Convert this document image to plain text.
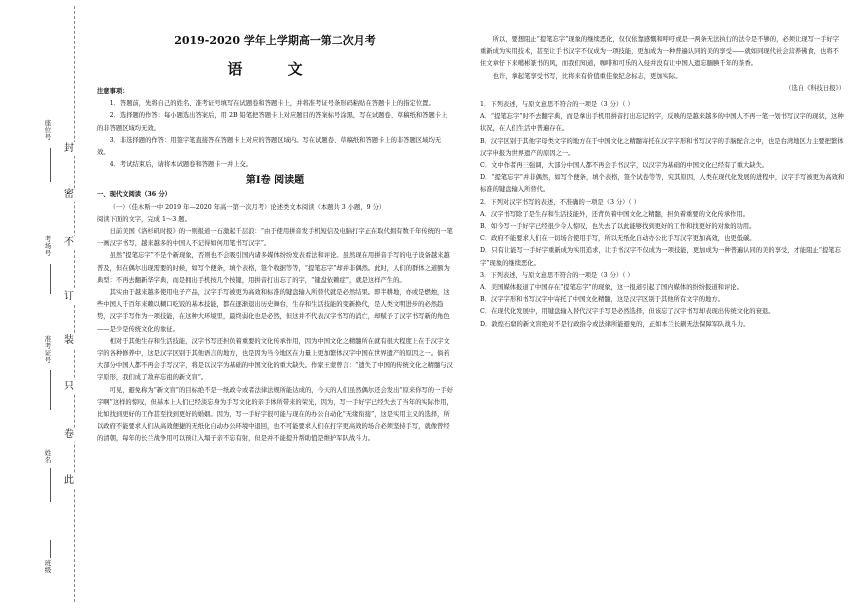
封
密
不
订
装
只
卷
此
座位号
考场号
准考证号
姓名
班级
2019-2020 学年上学期高一第二次月考
语 文

注意事项：

1．答题前，先将自己的姓名、准考证号填写在试题卷和答题卡上，并将准考证号条形码粘贴在答题卡上的指定位置。

2．选择题的作答：每小题选出答案后，用 2B 铅笔把答题卡上对应题目的答案标号涂黑，写在试题卷、草稿纸和答题卡上的非答题区域均无效。

3．非选择题的作答：用签字笔直接答在答题卡上对应的答题区域内。写在试题卷、草稿纸和答题卡上的非答题区域均无效。

4．考试结束后，请将本试题卷和答题卡一并上交。

第Ⅰ卷 阅读题

一、现代文阅读（36 分）

（一）（佳木斯一中 2019 年—2020 年高一第一次月考）论述类文本阅读（本题共 3 小题，9 分）

阅读下面的文字，完成 1～3 题。

日前美国《洛杉矶时报》的一则报道一石激起千层浪：“由于使用拼音发手机短信及电脑打字正在取代拥有数千年传统的一笔一画汉字书写，越来越多的中国人不记得如何用笔书写汉字”。

虽然“提笔忘字”不是个新现象，否则也不会吸引国内诸多媒体纷纷发表看法和评论。虽然现在用拼音手写的电子设备越来越普及，但在偶尔出现需要的时候，如写个便条，填个表格，签个收据等等，“提笔忘字”却并非偶然。此时，人们的群体之道额为典型：不再去翻新华字典，而是拥出手机按几个按键，用拼音打出忘了的字，“键盘依赖症”，就是这样产生的。

其实由于越来越多使用电子产品，汉字手写被更为高效和标准的键盘输入所替代就是必然结果。即半耕地，亦或是燃烛，这些中国人千百年来赖以糊口吃饭的基本技能，都在逐渐退出历史舞台，生存和生活技能的变新换代，是人类文明进步的必然趋势，汉字手写作为一项技能，在这种大环境里，最终弱化也是必然，但这并不代表汉字书写的消亡，却赋予了汉字书写新的角色——是少是传统文化的象征。

相对于其他生存和生活技能，汉字书写还担负着重要的文化传承作用，因为中国文化之精髓所在就有很大程度上在于汉字文字的各种修养中，这是汉字区别于其他语言的地方，也是因为当今地区在力量上更加繁体汉字中国在世界遗产的原因之一。倘若大部分中国人都不再会手写汉字，将是以汉字为基础的中国文化的重大缺失。作家王蒙曾言：“遗失了中国的传统文化之精髓与汉字原形，我们成了敌弃忘祖的新文盲”。

可见，避免称为“新文盲”的目标绝不是一纸政令或者法律法规所能达成的，今天的人们虽然偶尔还会发出“原来你写的一手好字啊”这样的惊叹，但基本上人们已经淡忘身为手写文化的亲手体所带来的荣光，因为，写一手好字已经失去了当年的实际作用，比如找到更好的工作甚至找到更好的婚姻。因为，写一手好字很可能与现在的办公自动化“无缘衔接”，这是实用主义的选择，所以政府不能要求人们从高效便捷的无纸化自动办公环境中退回，也不可能要求人们在打字更高效的场合必须坚持手写，就像曾经的清朝，每年的长兰战争用可以预让入塌子亲不忘有射，但是并不能提升帮助值是维护军队战斗力。

所以，要想阻止“提笔忘字”现象的继续恶化，仅仅依靠感慨和呼吁或是一两条无法执行的法令是不够的，必须让现写一手好字重新成为实用技术，甚至让手书汉字不仅成为一项技能，更加成为一种普遍认同的美的享受——就如同现代社会营养佛食，也将不住文章仔下来噶彬篆书的风，而我们知道，咖啡和可乐的入侵并没有让中国人遗忘腼腆千年的茶香。

也许，拿起笔享受书写，比将来有价值重佳象纪念标志，更加实际。

（选自《科技日报》）

1．下列表述，与原文意思不符合的一项是（3 分）（ ）

A．“提笔忘字”时不去翻字典，而是拿出手机用拼音打出忘记的字，反映的是越来越多的中国人不再一笔一划书写汉字的现状，这种状况，在人们生活中普遍存在。

B．汉字区别于其他字母类文字的地方在于中国文化之精髓寄托在汉字字形和书写汉字的手脑配合之中，也是台湾地区力主要把繁体汉字申报为世界遗产的原因之一。

C．文中作者再三强调，大部分中国人都不再会手书汉字，以汉字为基础的中国文化已经有了重大缺失。

D．“提笔忘字”并非偶然，如写个便条，填个表格，签个试卷等等，究其原因，人类在现代化发展的进程中，汉字手写被更为高效和标准的键盘输入所替代。

2．下列对汉字书写的表述，不准确的一项是（3 分）（ ）

A．汉字书写除了是生存和生活技能外，还背负着中国文化之精髓，担负着重要的文化传承作用。

B．如今写一手好字已经很少令人惊叹，也失去了以此能够找到更好的工作和找更好的对象的功用。

C．政府不能要求人们在一切场合使用手写，所以无纸化自动办公比手写汉字更加高效，也更低碳。

D．只有让能写一手好字重新成为实用追求，让手书汉字不仅成为一项技能，更加成为一种普遍认同的美的享受，才能阻止“提笔忘字”现象的继续恶化。

3．下列表述，与原文意思不符合的一项是（3 分）（ ）

A．美国媒体报道了中国存在“提笔忘字”的现象，这一报道引起了国内媒体的纷纷报道和评论。

B．汉字字形和书写汉字中寄托了中国文化精髓，这是汉字区别于其他所有文字的地方。

C．在现代化发展中，用键盘输入替代汉字手写是必然选择，但该忘了汉字书写却表现出传统文化的衰退。

D．敦煌石窟的新文盲绝对不是行政指令或法律所能避免的，正如本兰长刷无法保障军队战斗力。
